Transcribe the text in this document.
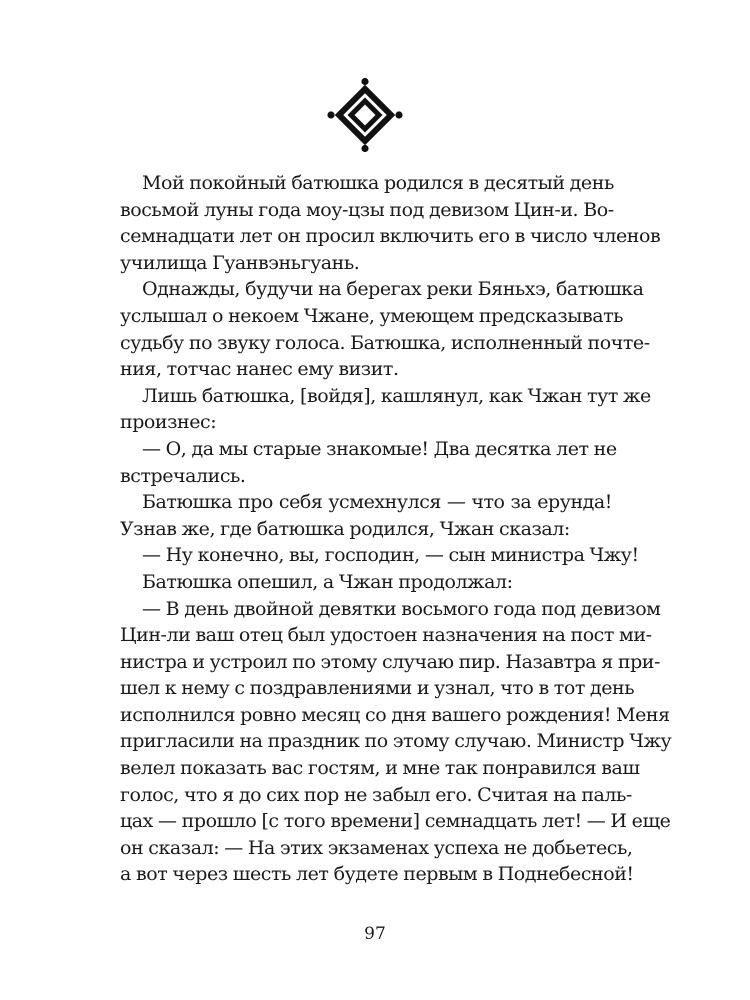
Мой покойный батюшка родился в десятый день
восьмой луны года моу-цзы под девизом Цин-и. Во-
семнадцати лет он просил включить его в число членов
училища Гуанвэньгуань.
Однажды, будучи на берегах реки Бяньхэ, батюшка
услышал о некоем Чжане, умеющем предсказывать
судьбу по звуку голоса. Батюшка, исполненный почте-
ния, тотчас нанес ему визит.
Лишь батюшка, [войдя], кашлянул, как Чжан тут же
произнес:
— О, да мы старые знакомые! Два десятка лет не
встречались.
Батюшка про себя усмехнулся — что за ерунда!
Узнав же, где батюшка родился, Чжан сказал:
— Ну конечно, вы, господин, — сын министра Чжу!
Батюшка опешил, а Чжан продолжал:
— В день двойной девятки восьмого года под девизом
Цин-ли ваш отец был удостоен назначения на пост ми-
нистра и устроил по этому случаю пир. Назавтра я при-
шел к нему с поздравлениями и узнал, что в тот день
исполнился ровно месяц со дня вашего рождения! Меня
пригласили на праздник по этому случаю. Министр Чжу
велел показать вас гостям, и мне так понравился ваш
голос, что я до сих пор не забыл его. Считая на паль-
цах — прошло [с того времени] семнадцать лет! — И еще
он сказал: — На этих экзаменах успеха не добьетесь,
а вот через шесть лет будете первым в Поднебесной!
97
